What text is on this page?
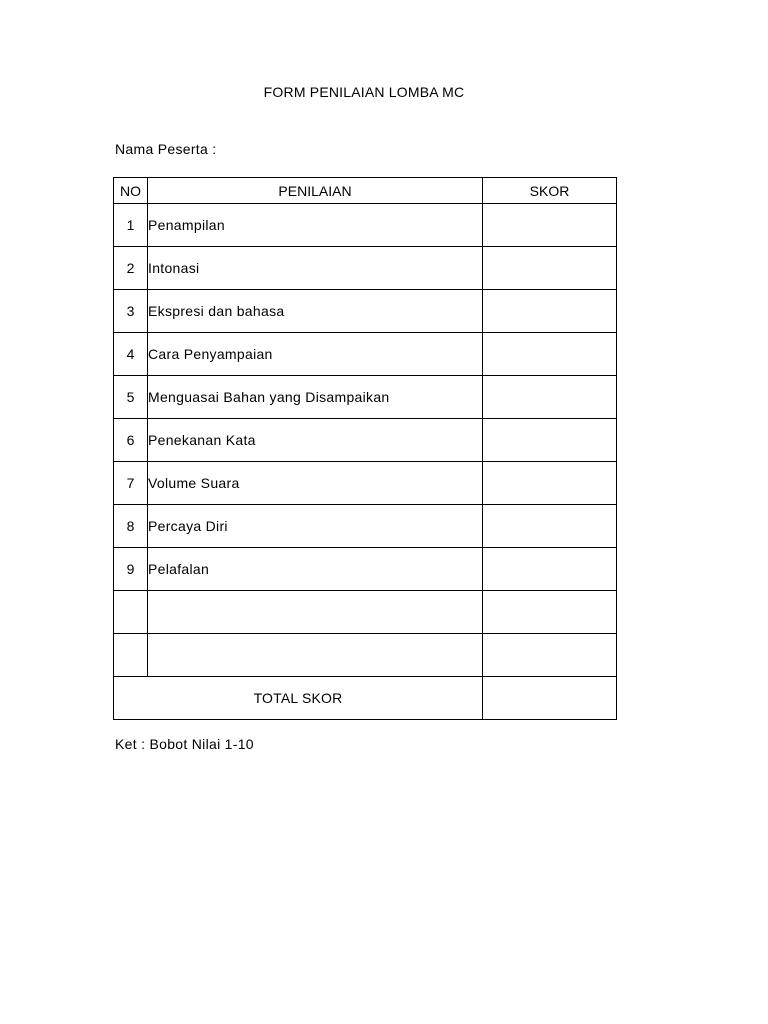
FORM PENILAIAN LOMBA MC
Nama Peserta :
NO	PENILAIAN	SKOR
1	Penampilan	
2	Intonasi	
3	Ekspresi dan bahasa	
4	Cara Penyampaian	
5	Menguasai Bahan yang Disampaikan	
6	Penekanan Kata	
7	Volume Suara	
8	Percaya Diri	
9	Pelafalan	

TOTAL SKOR		
Ket : Bobot Nilai 1-10
